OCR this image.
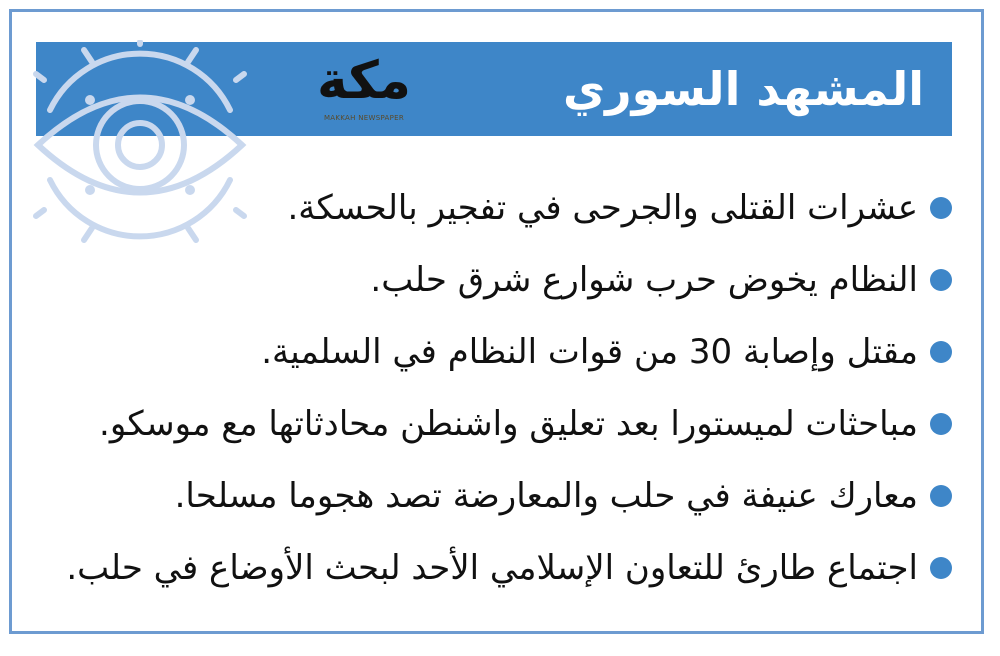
المشهد السوري
مكة
MAKKAH NEWSPAPER
عشرات القتلى والجرحى في تفجير بالحسكة.
النظام يخوض حرب شوارع شرق حلب.
مقتل وإصابة 30 من قوات النظام في السلمية.
مباحثات لميستورا بعد تعليق واشنطن محادثاتها مع موسكو.
معارك عنيفة في حلب والمعارضة تصد هجوما مسلحا.
اجتماع طارئ للتعاون الإسلامي الأحد لبحث الأوضاع في حلب.
